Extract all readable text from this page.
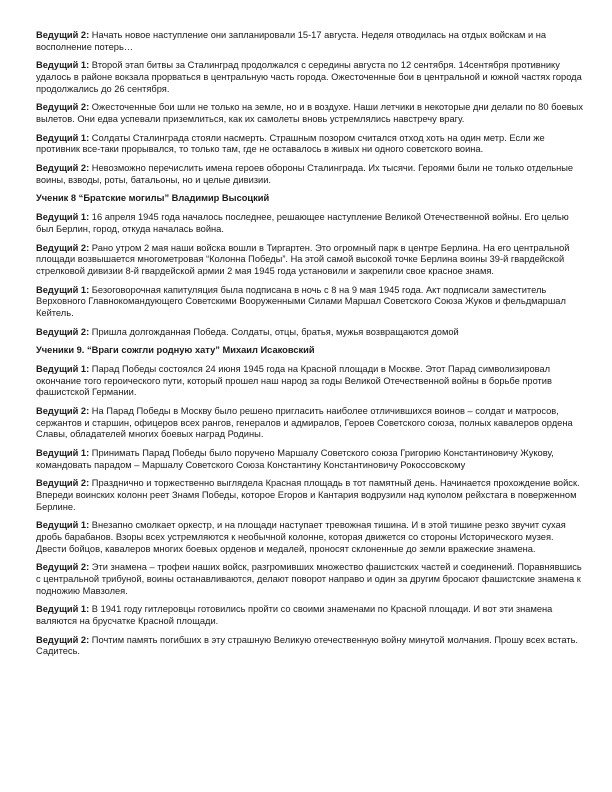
Ведущий 2: Начать новое наступление они запланировали 15-17 августа. Неделя отводилась на отдых войскам и на восполнение потерь…

Ведущий 1: Второй этап битвы за Сталинград продолжался с середины августа по 12 сентября. 14сентября противнику удалось в районе вокзала прорваться в центральную часть города. Ожесточенные бои в центральной и южной частях города продолжались до 26 сентября.

Ведущий 2: Ожесточенные бои шли не только на земле, но и в воздухе. Наши летчики в некоторые дни делали по 80 боевых вылетов. Они едва успевали приземлиться, как их самолеты вновь устремлялись навстречу врагу.

Ведущий 1: Солдаты Сталинграда стояли насмерть. Страшным позором считался отход хоть на один метр. Если же противник все-таки прорывался, то только там, где не оставалось в живых ни одного советского воина.

Ведущий 2: Невозможно перечислить имена героев обороны Сталинграда. Их тысячи. Героями были не только отдельные воины, взводы, роты, батальоны, но и целые дивизии.

Ученик 8 “Братские могилы” Владимир Высоцкий

Ведущий 1: 16 апреля 1945 года началось последнее, решающее наступление Великой Отечественной войны. Его целью был Берлин, город, откуда началась война.

Ведущий 2: Рано утром 2 мая наши войска вошли в Тиргартен. Это огромный парк в центре Берлина. На его центральной площади возвышается многометровая “Колонна Победы”. На этой самой высокой точке Берлина воины 39-й гвардейской стрелковой дивизии 8-й гвардейской армии 2 мая 1945 года установили и закрепили свое красное знамя.

Ведущий 1: Безоговорочная капитуляция была подписана в ночь с 8 на 9 мая 1945 года. Акт подписали заместитель Верховного Главнокомандующего Советскими Вооруженными Силами Маршал Советского Союза Жуков и фельдмаршал Кейтель.

Ведущий 2: Пришла долгожданная Победа. Солдаты, отцы, братья, мужья возвращаются домой

Ученики 9. “Враги сожгли родную хату” Михаил Исаковский

Ведущий 1: Парад Победы состоялся 24 июня 1945 года на Красной площади в Москве. Этот Парад символизировал окончание того героического пути, который прошел наш народ за годы Великой Отечественной войны в борьбе против фашистской Германии.

Ведущий 2: На Парад Победы в Москву было решено пригласить наиболее отличившихся воинов – солдат и матросов, сержантов и старшин, офицеров всех рангов, генералов и адмиралов, Героев Советского союза, полных кавалеров ордена Славы, обладателей многих боевых наград Родины.

Ведущий 1: Принимать Парад Победы было поручено Маршалу Советского союза Григорию Константиновичу Жукову, командовать парадом – Маршалу Советского Союза Константину Константиновичу Рокоссовскому

Ведущий 2: Празднично и торжественно выглядела Красная площадь в тот памятный день. Начинается прохождение войск. Впереди воинских колонн реет Знамя Победы, которое Егоров и Кантария водрузили над куполом рейхстага в поверженном Берлине.

Ведущий 1: Внезапно смолкает оркестр, и на площади наступает тревожная тишина. И в этой тишине резко звучит сухая дробь барабанов. Взоры всех устремляются к необычной колонне, которая движется со стороны Исторического музея. Двести бойцов, кавалеров многих боевых орденов и медалей, проносят склоненные до земли вражеские знамена.

Ведущий 2: Эти знамена – трофеи наших войск, разгромивших множество фашистских частей и соединений. Поравнявшись с центральной трибуной, воины останавливаются, делают поворот направо и один за другим бросают фашистские знамена к подножию Мавзолея.

Ведущий 1: В 1941 году гитлеровцы готовились пройти со своими знаменами по Красной площади. И вот эти знамена валяются на брусчатке Красной площади.

Ведущий 2: Почтим память погибших в эту страшную Великую отечественную войну минутой молчания. Прошу всех встать. Садитесь.
